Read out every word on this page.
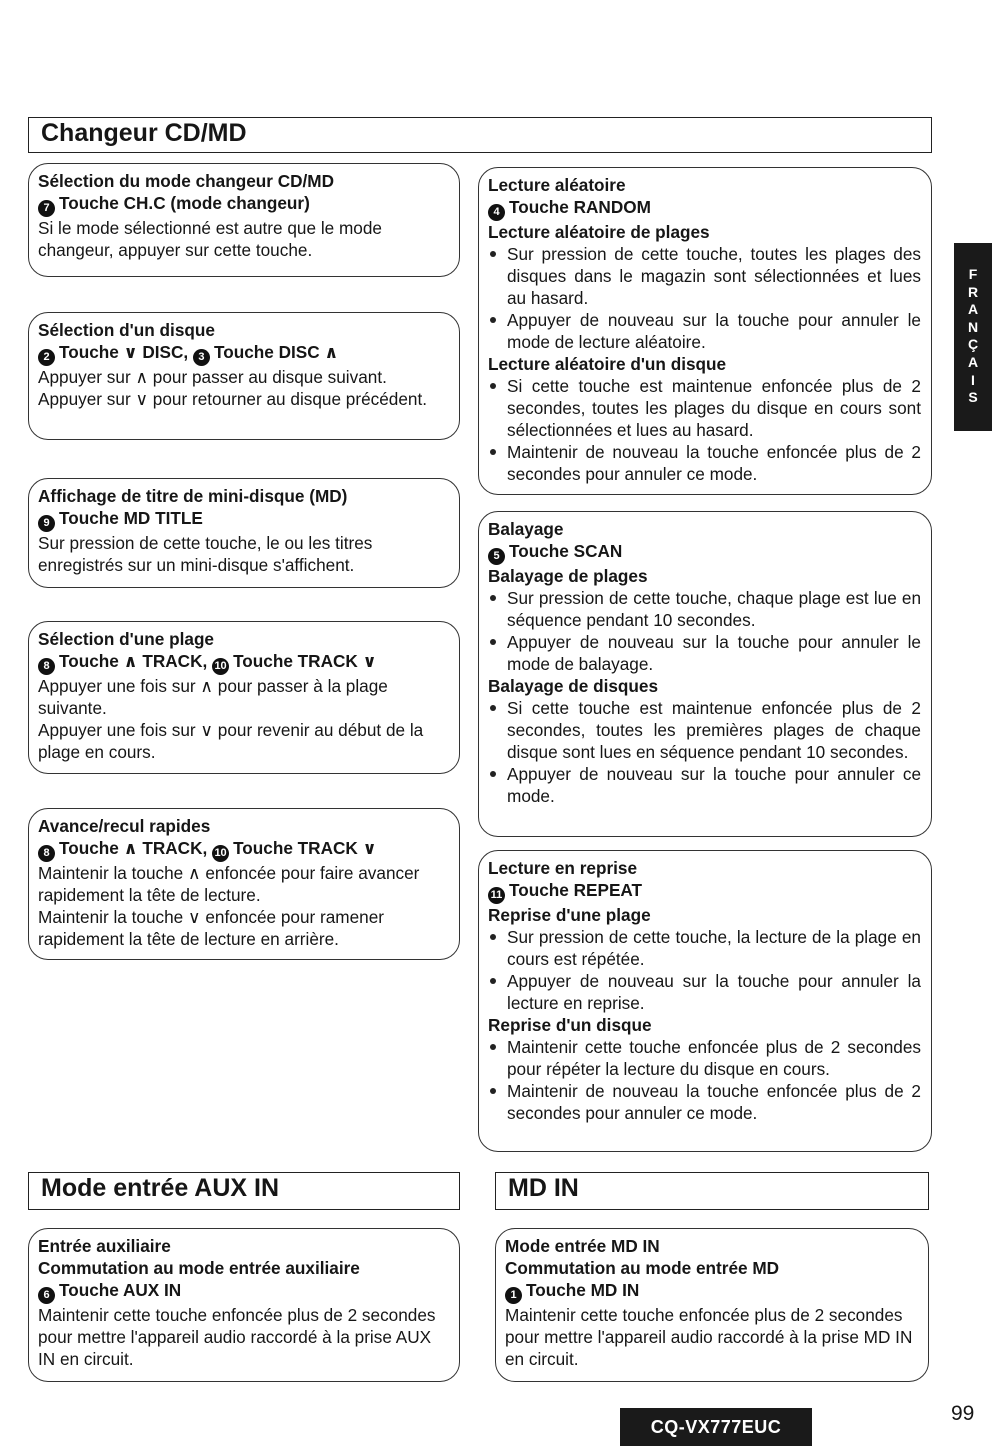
Changeur CD/MD
F
R
A
N
Ç
A
I
S
Sélection du mode changeur CD/MD
7 Touche CH.C (mode changeur)

Si le mode sélectionné est autre que le mode changeur, appuyer sur cette touche.

Sélection d'un disque
2 Touche ∨ DISC, 3 Touche DISC ∧

Appuyer sur ∧ pour passer au disque suivant.

Appuyer sur ∨ pour retourner au disque précédent.

Affichage de titre de mini-disque (MD)
9 Touche MD TITLE

Sur pression de cette touche, le ou les titres enregistrés sur un mini-disque s'affichent.

Sélection d'une plage
8 Touche ∧ TRACK, 10 Touche TRACK ∨

Appuyer une fois sur ∧ pour passer à la plage suivante.

Appuyer une fois sur ∨ pour revenir au début de la plage en cours.

Avance/recul rapides
8 Touche ∧ TRACK, 10 Touche TRACK ∨

Maintenir la touche ∧ enfoncée pour faire avancer rapidement la tête de lecture.

Maintenir la touche ∨ enfoncée pour ramener rapidement la tête de lecture en arrière.

Lecture aléatoire
4 Touche RANDOM
Lecture aléatoire de plages
Sur pression de cette touche, toutes les plages des disques dans le magazin sont sélectionnées et lues au hasard.
Appuyer de nouveau sur la touche pour annuler le mode de lecture aléatoire.
Lecture aléatoire d'un disque
Si cette touche est maintenue enfoncée plus de 2 secondes, toutes les plages du disque en cours sont sélectionnées et lues au hasard.
Maintenir de nouveau la touche enfoncée plus de 2 secondes pour annuler ce mode.
Balayage
5 Touche SCAN
Balayage de plages
Sur pression de cette touche, chaque plage est lue en séquence pendant 10 secondes.
Appuyer de nouveau sur la touche pour annuler le mode de balayage.
Balayage de disques
Si cette touche est maintenue enfoncée plus de 2 secondes, toutes les premières plages de chaque disque sont lues en séquence pendant 10 secondes.
Appuyer de nouveau sur la touche pour annuler ce mode.
Lecture en reprise
11 Touche REPEAT
Reprise d'une plage
Sur pression de cette touche, la lecture de la plage en cours est répétée.
Appuyer de nouveau sur la touche pour annuler la lecture en reprise.
Reprise d'un disque
Maintenir cette touche enfoncée plus de 2 secondes pour répéter la lecture du disque en cours.
Maintenir de nouveau la touche enfoncée plus de 2 secondes pour annuler ce mode.
Mode entrée AUX IN	MD IN
Entrée auxiliaire
Commutation au mode entrée auxiliaire
6 Touche AUX IN

Maintenir cette touche enfoncée plus de 2 secondes pour mettre l'appareil audio raccordé à la prise AUX IN en circuit.

Mode entrée MD IN
Commutation au mode entrée MD
1 Touche MD IN

Maintenir cette touche enfoncée plus de 2 secondes pour mettre l'appareil audio raccordé à la prise MD IN en circuit.

CQ-VX777EUC
99
